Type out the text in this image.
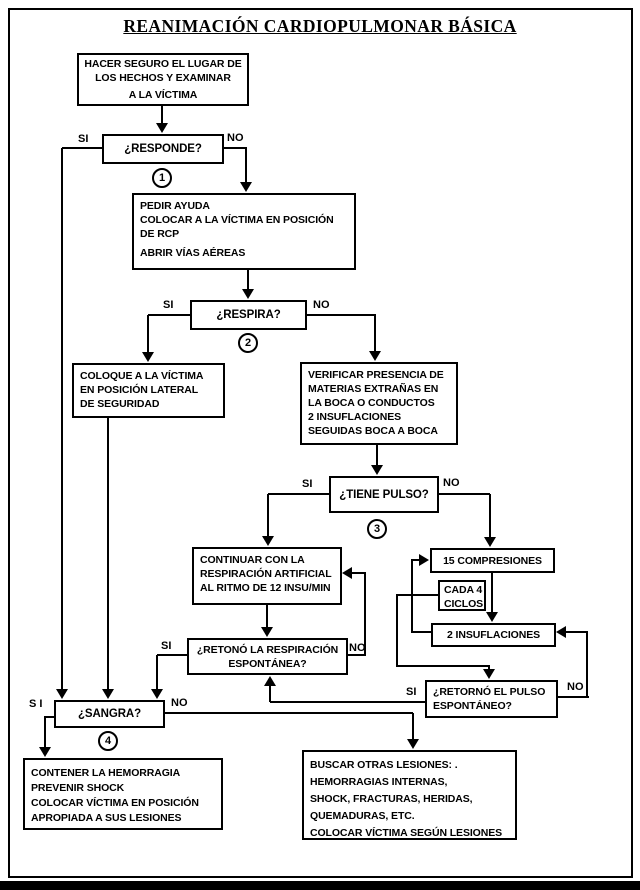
REANIMACIÓN CARDIOPULMONAR BÁSICA
HACER SEGURO EL LUGAR DE
LOS HECHOS Y EXAMINAR
A LA VÍCTIMA
¿RESPONDE?
PEDIR AYUDA
COLOCAR A LA VÍCTIMA EN POSICIÓN
DE RCP
ABRIR VÍAS AÉREAS
¿RESPIRA?
COLOQUE A LA VÍCTIMA
EN POSICIÓN LATERAL
DE SEGURIDAD
VERIFICAR PRESENCIA DE
MATERIAS EXTRAÑAS EN
LA BOCA O CONDUCTOS
2 INSUFLACIONES
SEGUIDAS BOCA A BOCA
¿TIENE PULSO?
CONTINUAR CON LA
RESPIRACIÓN ARTIFICIAL
AL RITMO DE 12 INSU/MIN
¿RETONÓ LA RESPIRACIÓN
ESPONTÁNEA?
15 COMPRESIONES
CADA 4
CICLOS
2 INSUFLACIONES
¿RETORNÓ EL PULSO
ESPONTÁNEO?
¿SANGRA?
CONTENER LA HEMORRAGIA
PREVENIR SHOCK
COLOCAR VÍCTIMA EN POSICIÓN
APROPIADA A SUS LESIONES
BUSCAR OTRAS LESIONES: .
HEMORRAGIAS INTERNAS,
SHOCK, FRACTURAS, HERIDAS,
QUEMADURAS, ETC.
COLOCAR VÍCTIMA SEGÚN LESIONES
SI	NO
SI	NO
SI	NO
SI	NO
SI	NO
S I	NO
1
2
3
4
